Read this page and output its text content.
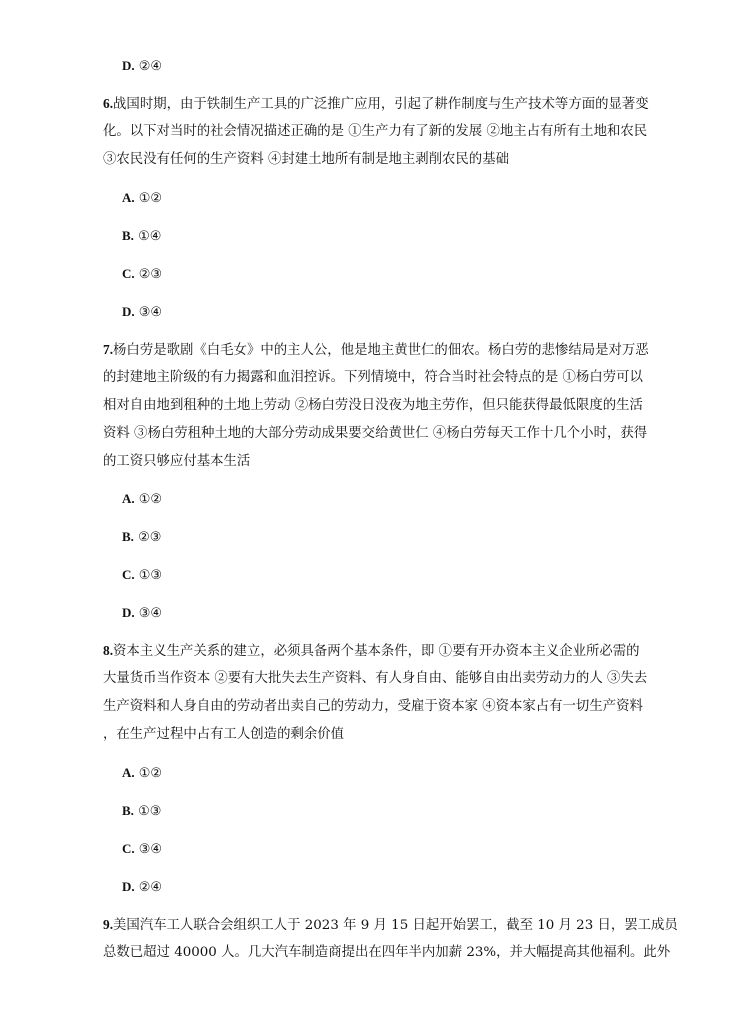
D. ②④
6.战国时期，由于铁制生产工具的广泛推广应用，引起了耕作制度与生产技术等方面的显著变
化。以下对当时的社会情况描述正确的是 ①生产力有了新的发展 ②地主占有所有土地和农民
③农民没有任何的生产资料 ④封建土地所有制是地主剥削农民的基础
A. ①②
B. ①④
C. ②③
D. ③④
7.杨白劳是歌剧《白毛女》中的主人公，他是地主黄世仁的佃农。杨白劳的悲惨结局是对万恶
的封建地主阶级的有力揭露和血泪控诉。下列情境中，符合当时社会特点的是 ①杨白劳可以
相对自由地到租种的土地上劳动 ②杨白劳没日没夜为地主劳作，但只能获得最低限度的生活
资料 ③杨白劳租种土地的大部分劳动成果要交给黄世仁 ④杨白劳每天工作十几个小时，获得
的工资只够应付基本生活
A. ①②
B. ②③
C. ①③
D. ③④
8.资本主义生产关系的建立，必须具备两个基本条件，即 ①要有开办资本主义企业所必需的
大量货币当作资本 ②要有大批失去生产资料、有人身自由、能够自由出卖劳动力的人 ③失去
生产资料和人身自由的劳动者出卖自己的劳动力，受雇于资本家 ④资本家占有一切生产资料
，在生产过程中占有工人创造的剩余价值
A. ①②
B. ①③
C. ③④
D. ②④
9.美国汽车工人联合会组织工人于 2023 年 9 月 15 日起开始罢工，截至 10 月 23 日，罢工成员
总数已超过 40000 人。几大汽车制造商提出在四年半内加薪 23%，并大幅提高其他福利。此外
